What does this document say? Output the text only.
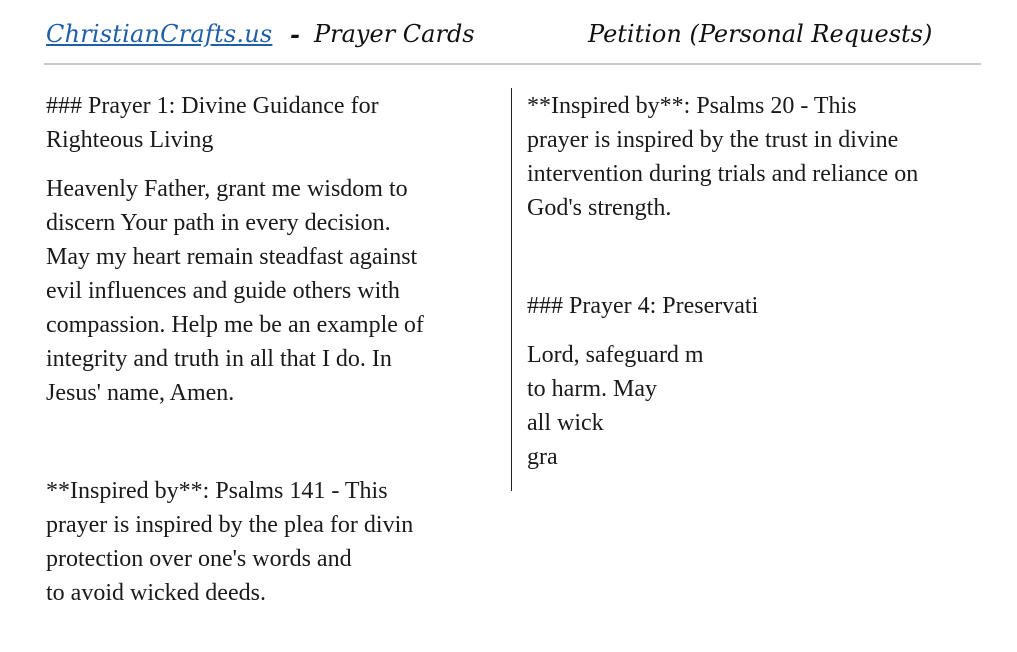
ChristianCrafts.us - Prayer Cards	Petition (Personal Requests)
### Prayer 1: Divine Guidance for
Righteous Living
Heavenly Father, grant me wisdom to
discern Your path in every decision.
May my heart remain steadfast against
evil influences and guide others with
compassion. Help me be an example of
integrity and truth in all that I do. In
Jesus' name, Amen.
**Inspired by**: Psalms 141 - This
prayer is inspired by the plea for divin
protection over one's words and
to avoid wicked deeds.
**Inspired by**: Psalms 20 - This
prayer is inspired by the trust in divine
intervention during trials and reliance on
God's strength.
### Prayer 4: Preservati
Lord, safeguard m
to harm. May
all wick
gra
